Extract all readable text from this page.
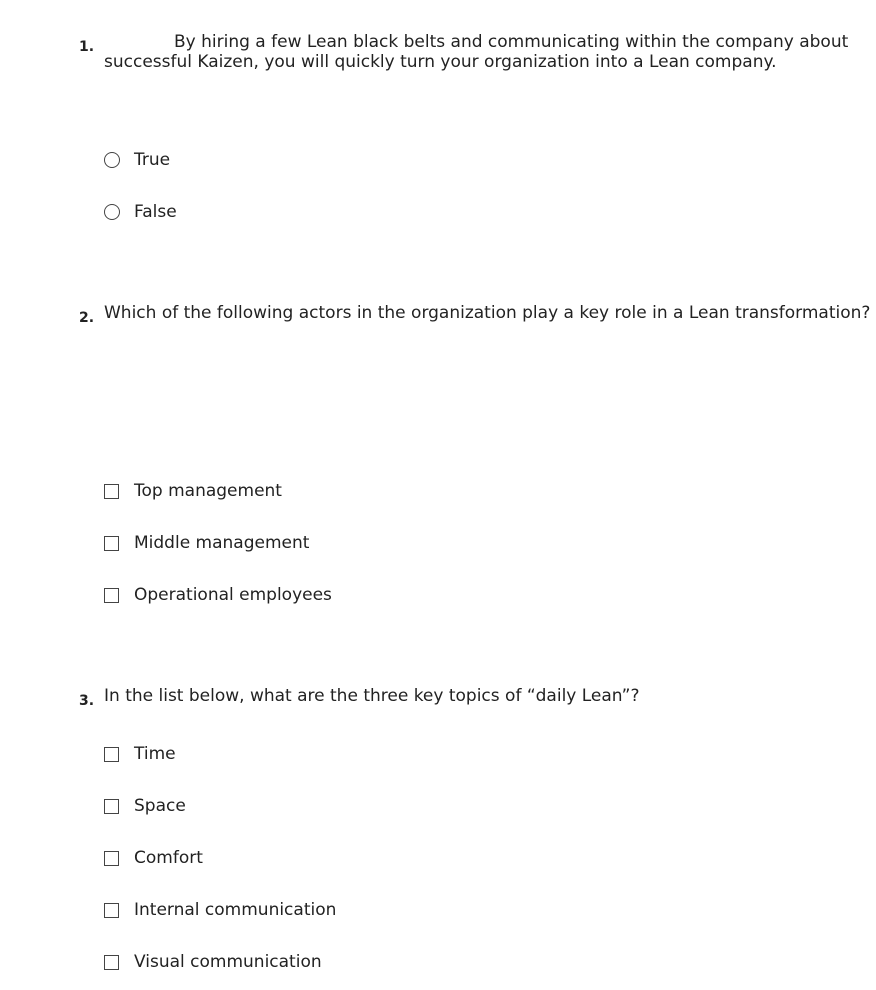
1.	By hiring a few Lean black belts and communicating within the company about
successful Kaizen, you will quickly turn your organization into a Lean company.
True
False
2. Which of the following actors in the organization play a key role in a Lean transformation?
Top management
Middle management
Operational employees
3. In the list below, what are the three key topics of “daily Lean”?
Time
Space
Comfort
Internal communication
Visual communication
